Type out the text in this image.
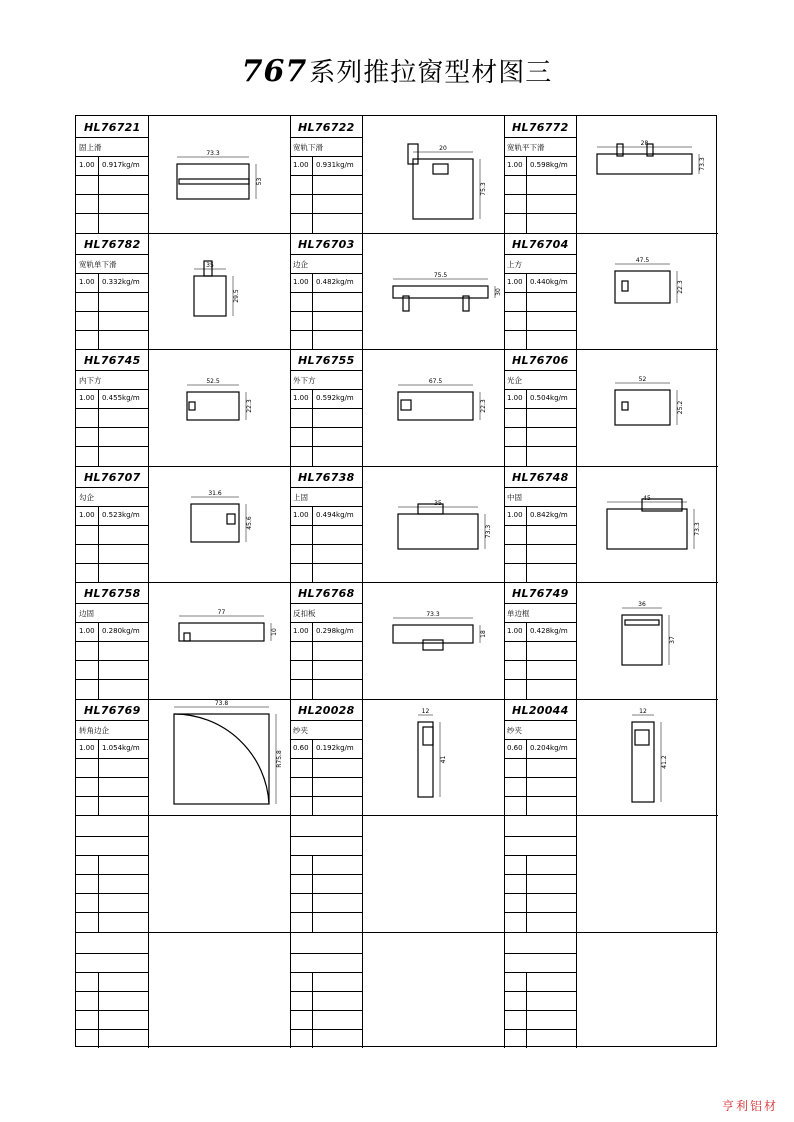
767系列推拉窗型材图三
HL76721
固上滑
1.00 0.917kg/m
73.3
53
HL76722
宽轨下滑
1.00 0.931kg/m
20
75.3
HL76772
宽轨平下滑
1.00 0.598kg/m
28
73.3
HL76782
宽轨单下滑
1.00 0.332kg/m
35
29.5
HL76703
边企
1.00 0.482kg/m
75.5
30
HL76704
上方
1.00 0.440kg/m
47.5
22.3
HL76745
内下方
1.00 0.455kg/m
52.5
22.3
HL76755
外下方
1.00 0.592kg/m
67.5
22.3
HL76706
光企
1.00 0.504kg/m
52
25.2
HL76707
勾企
1.00 0.523kg/m
31.6
45.6
HL76738
上固
1.00 0.494kg/m
35
73.3
HL76748
中固
1.00 0.842kg/m
45
73.3
HL76758
边固
1.00 0.280kg/m
77
10
HL76768
反扣板
1.00 0.298kg/m
73.3
18
HL76749
单边框
1.00 0.428kg/m
36
37
HL76769
转角边企
1.00 1.054kg/m
73.8
R75.8
HL20028
纱夹
0.60 0.192kg/m
12
41
HL20044
纱夹
0.60 0.204kg/m
12
41.2
亨利铝材
